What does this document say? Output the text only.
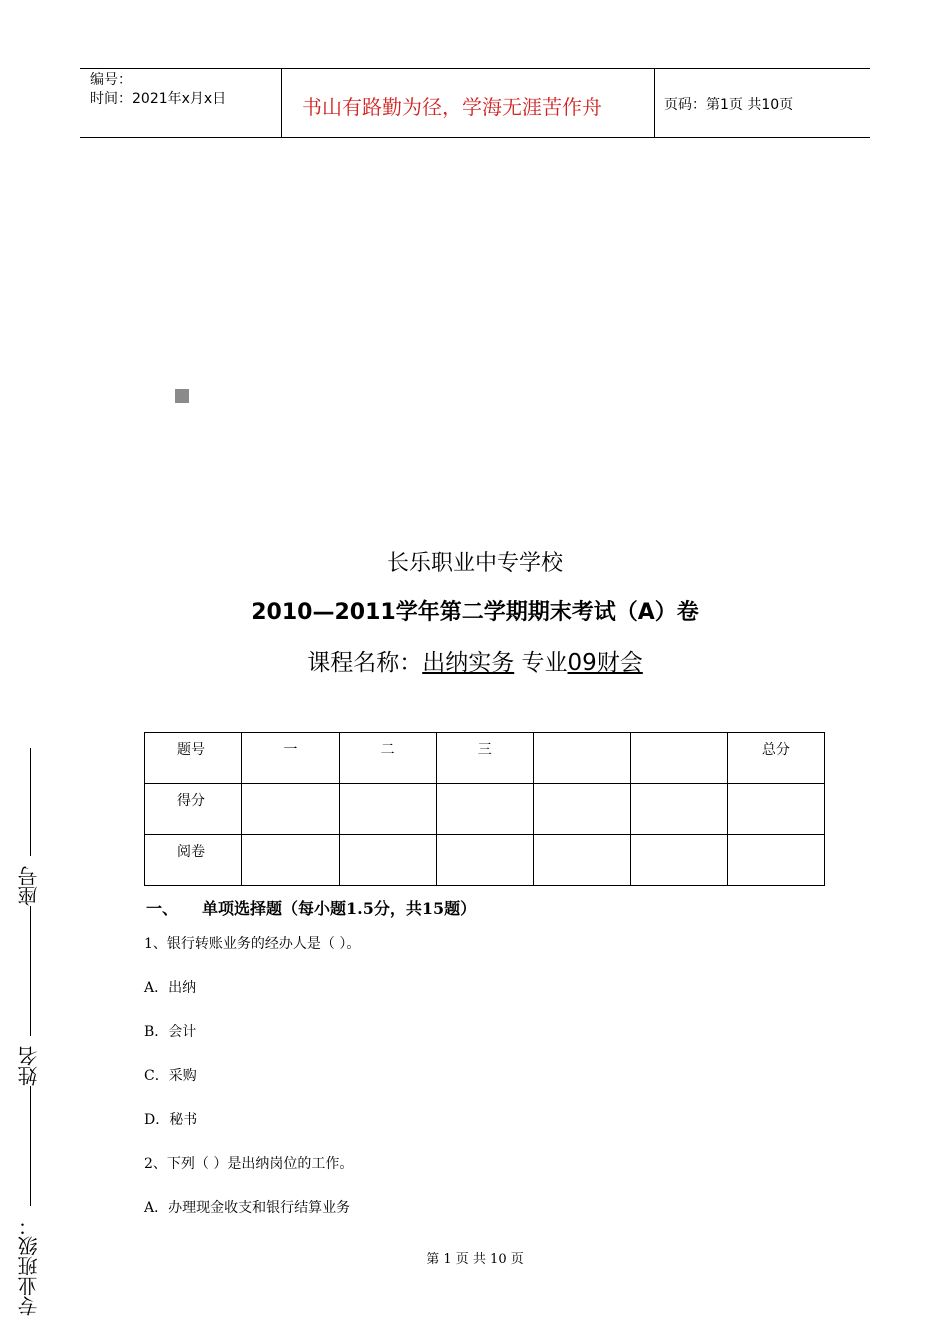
编号：
时间：2021年x月x日	书山有路勤为径，学海无涯苦作舟	页码：第1页 共10页
长乐职业中专学校
2010—2011学年第二学期期末考试（A）卷
课程名称：出纳实务 专业09财会
题号	一	二	三			总分
得分						
阅卷						
一、 单项选择题（每小题1.5分，共15题）
1、银行转账业务的经办人是（ ）。
A．出纳
B．会计
C．采购
D．秘书
2、下列（ ）是出纳岗位的工作。
A．办理现金收支和银行结算业务
第 1 页 共 10 页
座号
姓名
专业班级：
